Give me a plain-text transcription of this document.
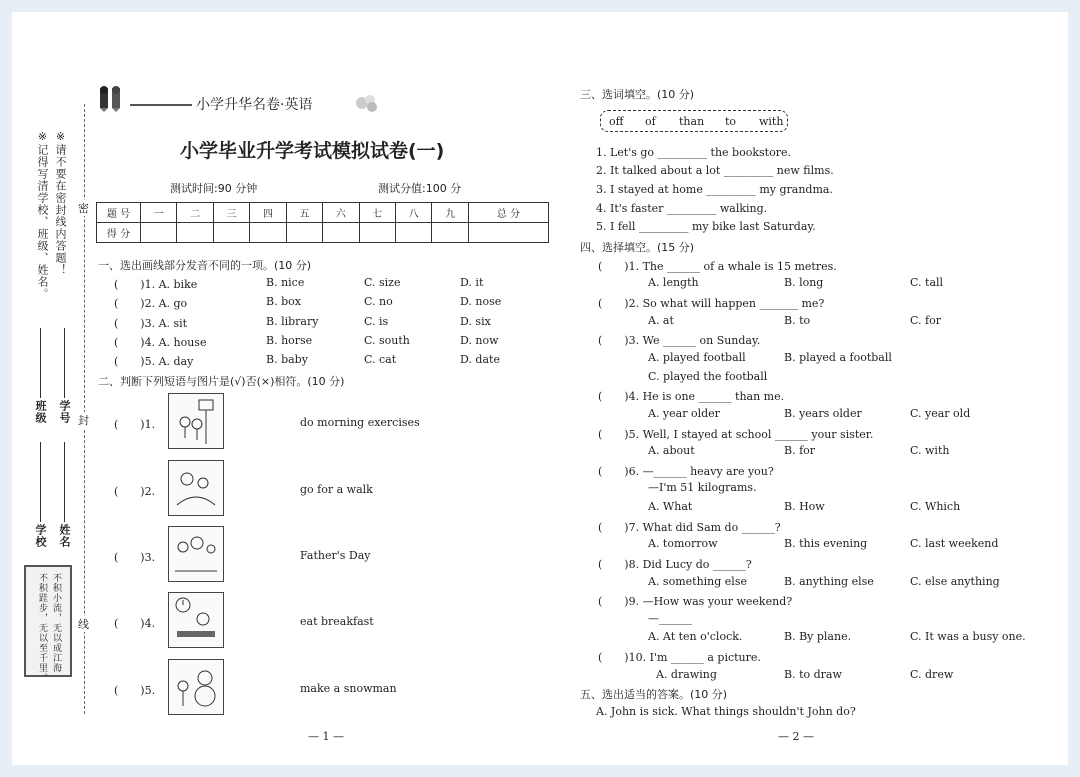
※请不要在密封线内答题！
※记得写清学校、班级、姓名。
班级
学校
学号
姓名
不积小流，无以成江海
不积跬步，无以至千里。
密
封
线
小学升华名卷·英语
小学毕业升学考试模拟试卷(一)
测试时间:90 分钟	测试分值:100 分
题 号	一	二	三	四	五	六	七	八	九	总 分
得 分										
一、选出画线部分发音不同的一项。(10 分)
(　　)1. A. bike	B. nice	C. size	D. it
(　　)2. A. go	B. box	C. no	D. nose
(　　)3. A. sit	B. library	C. is	D. six
(　　)4. A. house	B. horse	C. south	D. now
(　　)5. A. day	B. baby	C. cat	D. date
二、判断下列短语与图片是(√)否(×)相符。(10 分)
(　　)1.	do morning exercises
(　　)2.	go for a walk
(　　)3.	Father's Day
(　　)4.	eat breakfast
(　　)5.	make a snowman
— 1 —
三、选词填空。(10 分)
off of than to with
1. Let's go _________ the bookstore.
2. It talked about a lot _________ new films.
3. I stayed at home _________ my grandma.
4. It's faster _________ walking.
5. I fell _________ my bike last Saturday.
四、选择填空。(15 分)
(　　)1. The ______ of a whale is 15 metres.
A. length	B. long	C. tall
(　　)2. So what will happen _______ me?
A. at	B. to	C. for
(　　)3. We ______ on Sunday.
A. played football	B. played a football
C. played the football
(　　)4. He is one ______ than me.
A. year older	B. years older	C. year old
(　　)5. Well, I stayed at school ______ your sister.
A. about	B. for	C. with
(　　)6. —______ heavy are you?
—I'm 51 kilograms.
A. What	B. How	C. Which
(　　)7. What did Sam do ______?
A. tomorrow	B. this evening	C. last weekend
(　　)8. Did Lucy do ______?
A. something else	B. anything else	C. else anything
(　　)9. —How was your weekend?
—______
A. At ten o'clock.	B. By plane.	C. It was a busy one.
(　　)10. I'm ______ a picture.
A. drawing	B. to draw	C. drew
五、选出适当的答案。(10 分)
A. John is sick. What things shouldn't John do?
— 2 —
